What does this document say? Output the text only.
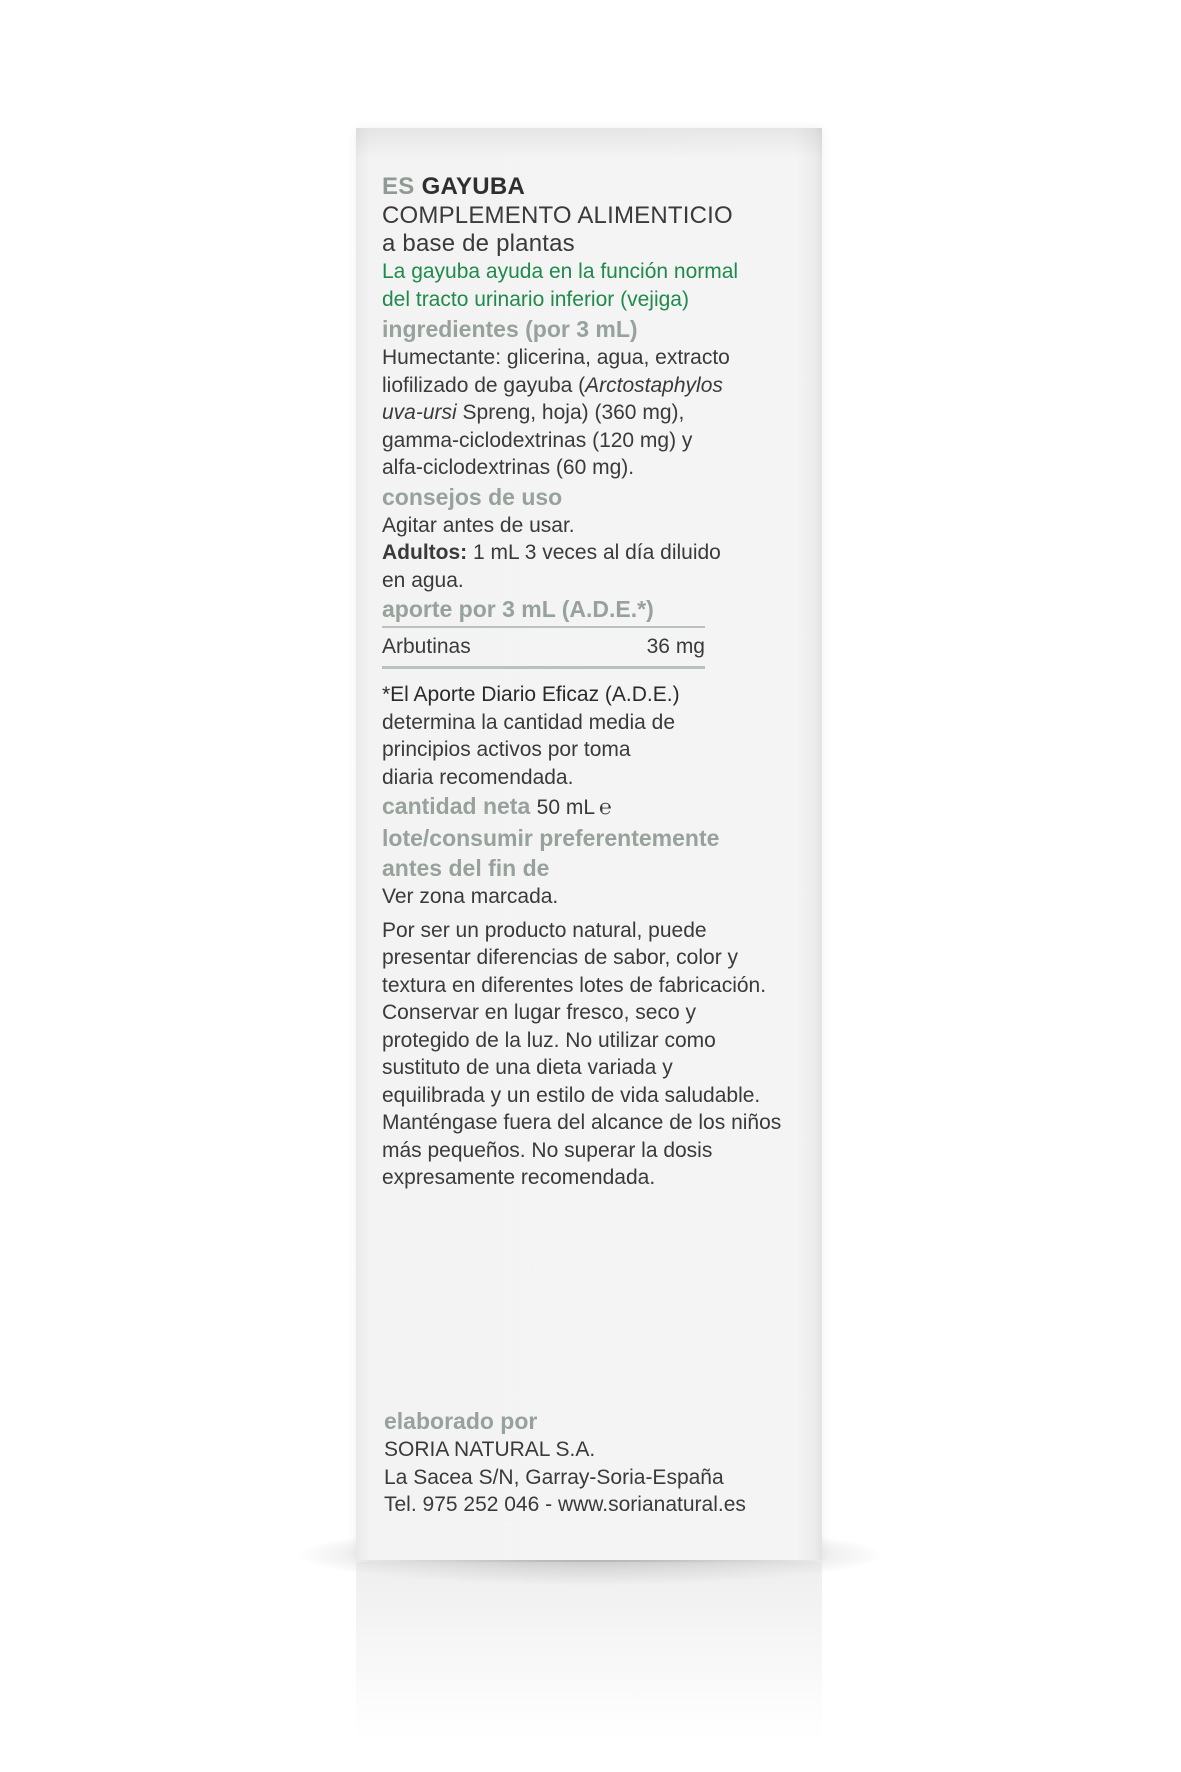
ES GAYUBA

COMPLEMENTO ALIMENTICIO

a base de plantas

La gayuba ayuda en la función normal
del tracto urinario inferior (vejiga)

ingredientes (por 3 mL)

Humectante: glicerina, agua, extracto
liofilizado de gayuba (Arctostaphylos
uva-ursi Spreng, hoja) (360 mg),
gamma-ciclodextrinas (120 mg) y
alfa-ciclodextrinas (60 mg).

consejos de uso

Agitar antes de usar.
Adultos: 1 mL 3 veces al día diluido
en agua.

aporte por 3 mL (A.D.E.*)

Arbutinas	36 mg

*El Aporte Diario Eficaz (A.D.E.)
determina la cantidad media de
principios activos por toma
diaria recomendada.

cantidad neta 50 mL ℮

lote/consumir preferentemente
antes del fin de

Ver zona marcada.

Por ser un producto natural, puede
presentar diferencias de sabor, color y
textura en diferentes lotes de fabricación.
Conservar en lugar fresco, seco y
protegido de la luz. No utilizar como
sustituto de una dieta variada y
equilibrada y un estilo de vida saludable.
Manténgase fuera del alcance de los niños
más pequeños. No superar la dosis
expresamente recomendada.

elaborado por

SORIA NATURAL S.A.
La Sacea S/N, Garray-Soria-España
Tel. 975 252 046 - www.sorianatural.es
